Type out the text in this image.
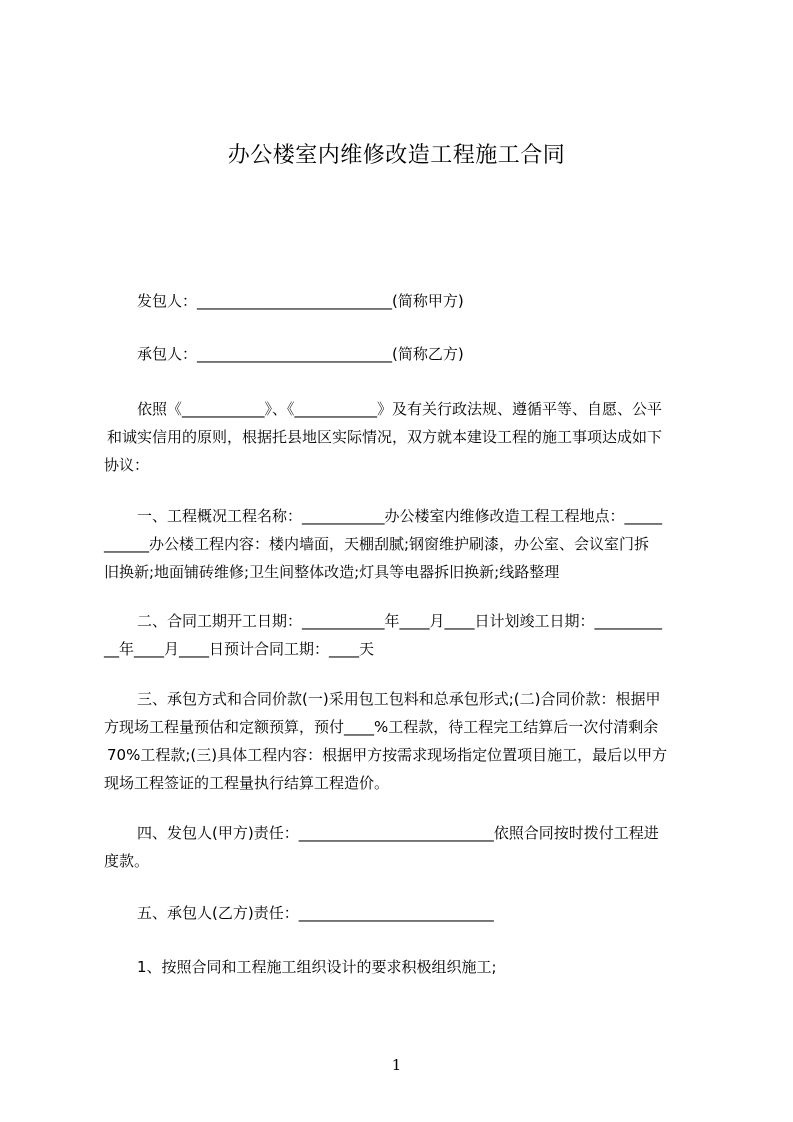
办公楼室内维修改造工程施工合同
发包人：__________________________(简称甲方)
承包人：__________________________(简称乙方)
依照《___________》、《___________》及有关行政法规、遵循平等、自愿、公平
和诚实信用的原则，根据托县地区实际情况，双方就本建设工程的施工事项达成如下
协议：
一、工程概况工程名称：___________办公楼室内维修改造工程工程地点：_____
______办公楼工程内容：楼内墙面，天棚刮腻;钢窗维护刷漆，办公室、会议室门拆
旧换新;地面铺砖维修;卫生间整体改造;灯具等电器拆旧换新;线路整理
二、合同工期开工日期：___________年____月____日计划竣工日期：_________
__年____月____日预计合同工期：____天
三、承包方式和合同价款(一)采用包工包料和总承包形式;(二)合同价款：根据甲
方现场工程量预估和定额预算，预付____%工程款，待工程完工结算后一次付清剩余
70%工程款;(三)具体工程内容：根据甲方按需求现场指定位置项目施工，最后以甲方
现场工程签证的工程量执行结算工程造价。
四、发包人(甲方)责任：__________________________依照合同按时拨付工程进
度款。
五、承包人(乙方)责任：__________________________
1、按照合同和工程施工组织设计的要求积极组织施工;
1
